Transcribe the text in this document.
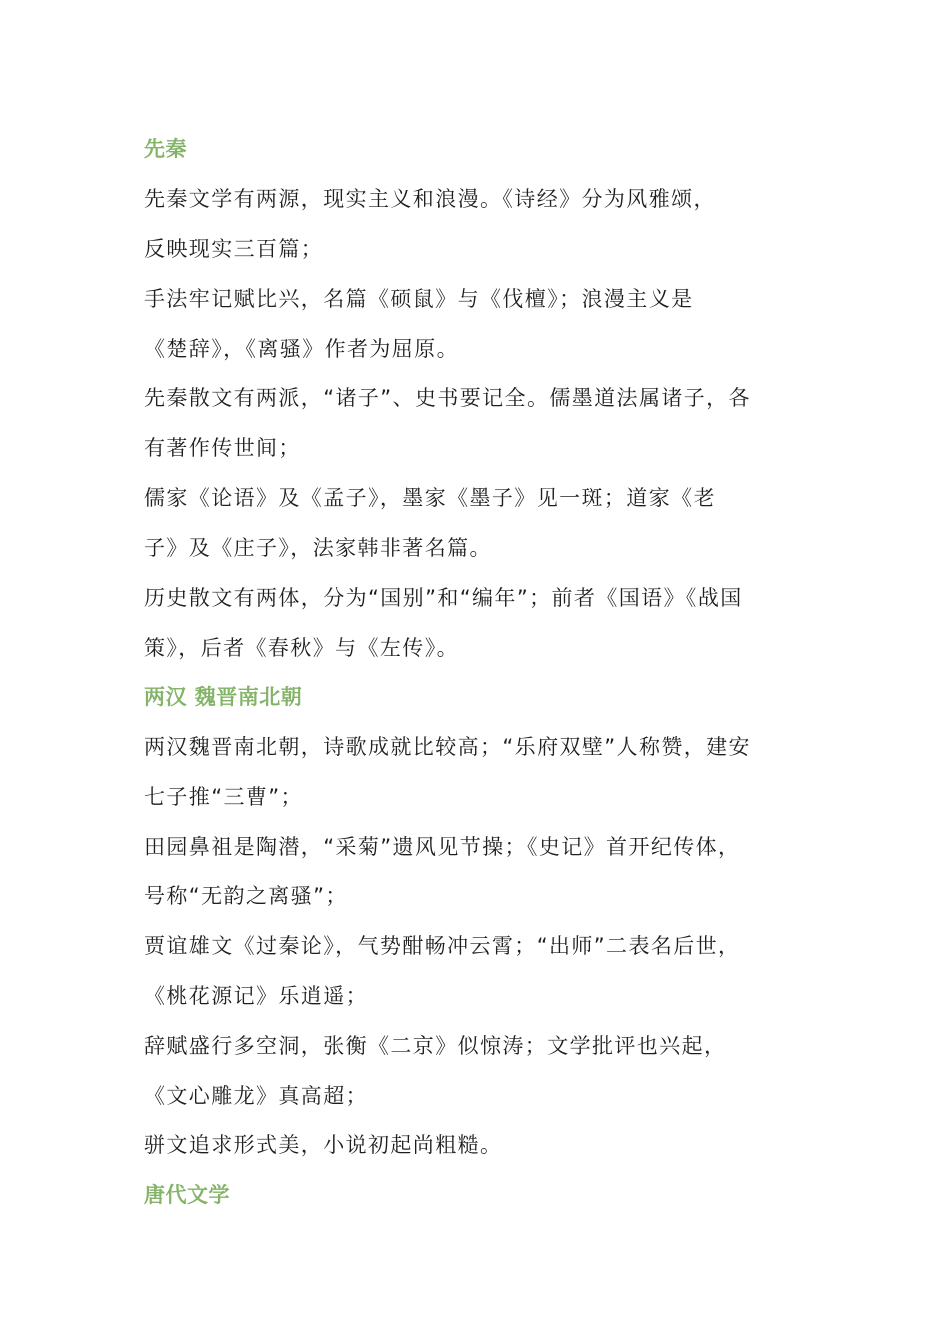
先秦
先秦文学有两源，现实主义和浪漫。《诗经》分为风雅颂，
反映现实三百篇；
手法牢记赋比兴，名篇《硕鼠》与《伐檀》；浪漫主义是
《楚辞》，《离骚》作者为屈原。
先秦散文有两派，“诸子”、史书要记全。儒墨道法属诸子，各
有著作传世间；
儒家《论语》及《孟子》，墨家《墨子》见一斑；道家《老
子》及《庄子》，法家韩非著名篇。
历史散文有两体，分为“国别”和“编年”；前者《国语》《战国
策》，后者《春秋》与《左传》。
两汉 魏晋南北朝
两汉魏晋南北朝，诗歌成就比较高；“乐府双壁”人称赞，建安
七子推“三曹”；
田园鼻祖是陶潜，“采菊”遗风见节操；《史记》首开纪传体，
号称“无韵之离骚”；
贾谊雄文《过秦论》，气势酣畅冲云霄；“出师”二表名后世，
《桃花源记》乐逍遥；
辞赋盛行多空洞，张衡《二京》似惊涛；文学批评也兴起，
《文心雕龙》真高超；
骈文追求形式美，小说初起尚粗糙。
唐代文学
